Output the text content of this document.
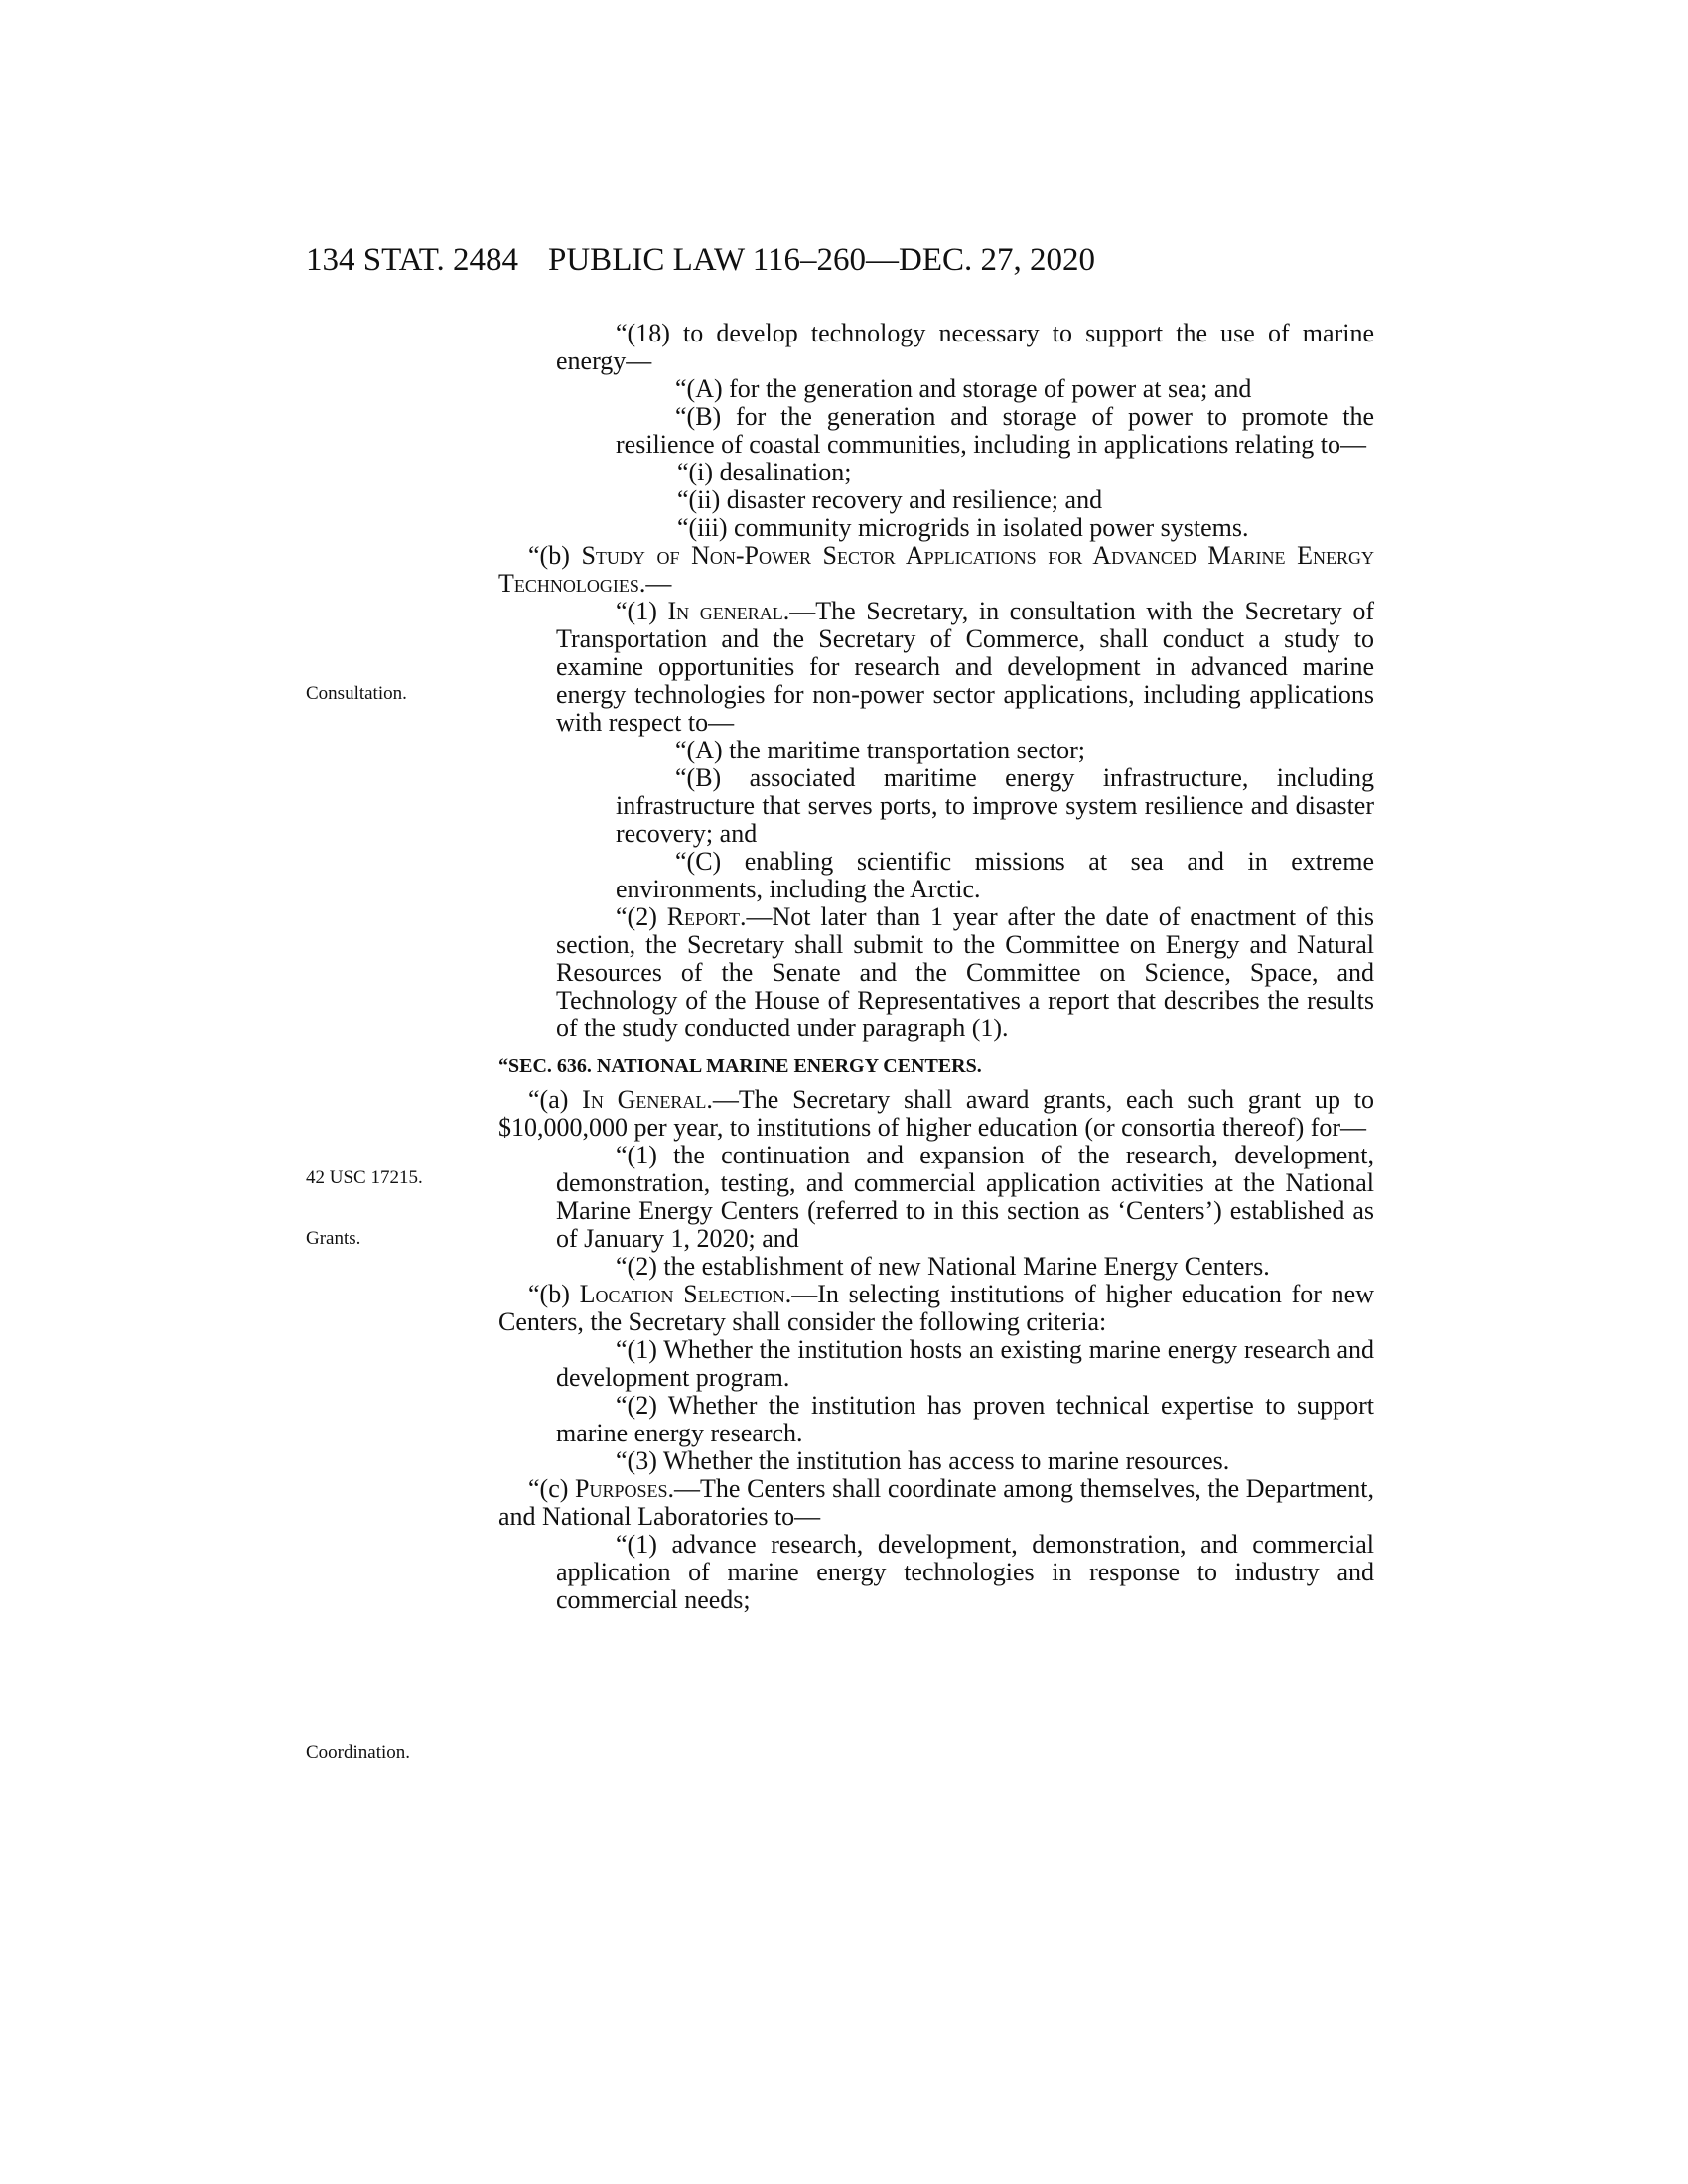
134 STAT. 2484 PUBLIC LAW 116–260—DEC. 27, 2020
Consultation.
42 USC 17215.
Grants.
Coordination.

“(18) to develop technology necessary to support the use of marine energy—

“(A) for the generation and storage of power at sea; and

“(B) for the generation and storage of power to promote the resilience of coastal communities, including in applications relating to—

“(i) desalination;

“(ii) disaster recovery and resilience; and

“(iii) community microgrids in isolated power systems.

“(b) Study of Non-Power Sector Applications for Advanced Marine Energy Technologies.—

“(1) In general.—The Secretary, in consultation with the Secretary of Transportation and the Secretary of Commerce, shall conduct a study to examine opportunities for research and development in advanced marine energy technologies for non-power sector applications, including applications with respect to—

“(A) the maritime transportation sector;

“(B) associated maritime energy infrastructure, including infrastructure that serves ports, to improve system resilience and disaster recovery; and

“(C) enabling scientific missions at sea and in extreme environments, including the Arctic.

“(2) Report.—Not later than 1 year after the date of enactment of this section, the Secretary shall submit to the Committee on Energy and Natural Resources of the Senate and the Committee on Science, Space, and Technology of the House of Representatives a report that describes the results of the study conducted under paragraph (1).

“SEC. 636. NATIONAL MARINE ENERGY CENTERS.

“(a) In General.—The Secretary shall award grants, each such grant up to $10,000,000 per year, to institutions of higher education (or consortia thereof) for—

“(1) the continuation and expansion of the research, development, demonstration, testing, and commercial application activities at the National Marine Energy Centers (referred to in this section as ‘Centers’) established as of January 1, 2020; and

“(2) the establishment of new National Marine Energy Centers.

“(b) Location Selection.—In selecting institutions of higher education for new Centers, the Secretary shall consider the following criteria:

“(1) Whether the institution hosts an existing marine energy research and development program.

“(2) Whether the institution has proven technical expertise to support marine energy research.

“(3) Whether the institution has access to marine resources.

“(c) Purposes.—The Centers shall coordinate among themselves, the Department, and National Laboratories to—

“(1) advance research, development, demonstration, and commercial application of marine energy technologies in response to industry and commercial needs;
